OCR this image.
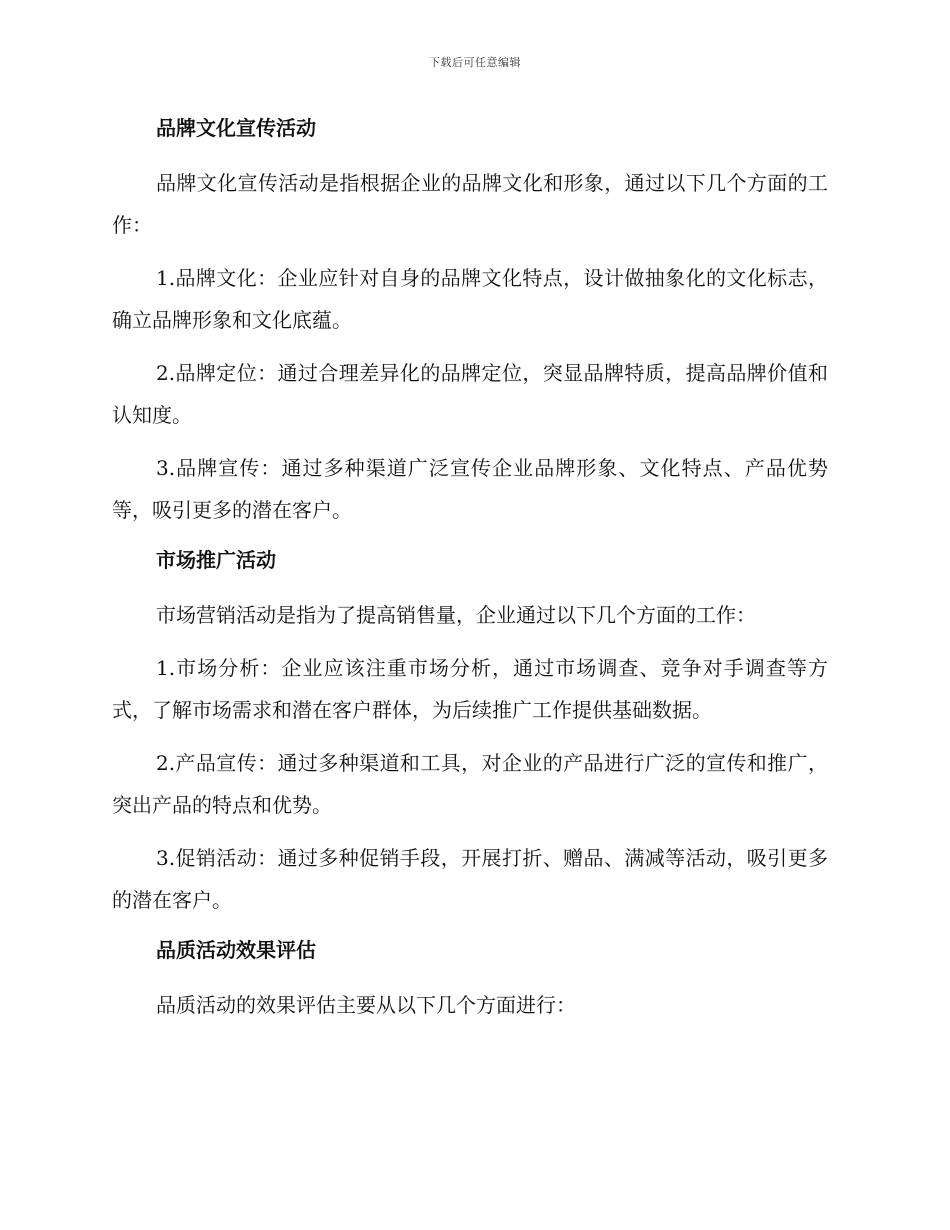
下载后可任意编辑
品牌文化宣传活动

品牌文化宣传活动是指根据企业的品牌文化和形象，通过以下几个方面的工作：

1.品牌文化：企业应针对自身的品牌文化特点，设计做抽象化的文化标志，确立品牌形象和文化底蕴。

2.品牌定位：通过合理差异化的品牌定位，突显品牌特质，提高品牌价值和认知度。

3.品牌宣传：通过多种渠道广泛宣传企业品牌形象、文化特点、产品优势等，吸引更多的潜在客户。

市场推广活动

市场营销活动是指为了提高销售量，企业通过以下几个方面的工作：

1.市场分析：企业应该注重市场分析，通过市场调查、竞争对手调查等方式，了解市场需求和潜在客户群体，为后续推广工作提供基础数据。

2.产品宣传：通过多种渠道和工具，对企业的产品进行广泛的宣传和推广，突出产品的特点和优势。

3.促销活动：通过多种促销手段，开展打折、赠品、满减等活动，吸引更多的潜在客户。

品质活动效果评估

品质活动的效果评估主要从以下几个方面进行：
